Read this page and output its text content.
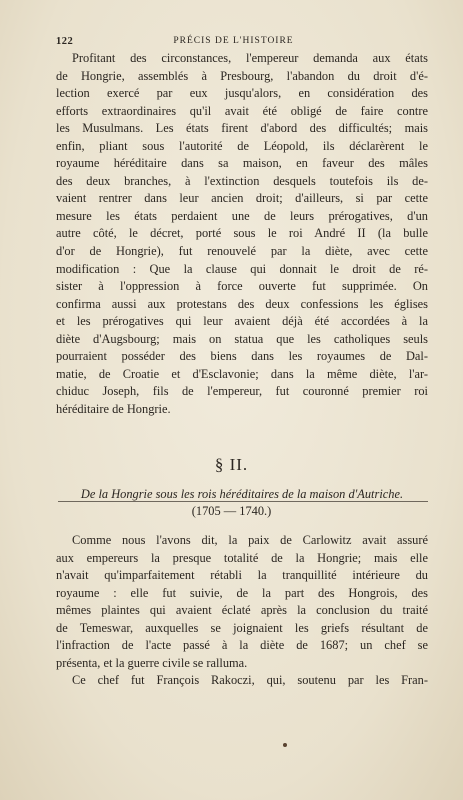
122	PRÉCIS DE L'HISTOIRE
Profitant des circonstances, l'empereur demanda aux états
de Hongrie, assemblés à Presbourg, l'abandon du droit d'é-
lection exercé par eux jusqu'alors, en considération des
efforts extraordinaires qu'il avait été obligé de faire contre
les Musulmans. Les états firent d'abord des difficultés; mais
enfin, pliant sous l'autorité de Léopold, ils déclarèrent le
royaume héréditaire dans sa maison, en faveur des mâles
des deux branches, à l'extinction desquels toutefois ils de-
vaient rentrer dans leur ancien droit; d'ailleurs, si par cette
mesure les états perdaient une de leurs prérogatives, d'un
autre côté, le décret, porté sous le roi André II (la bulle
d'or de Hongrie), fut renouvelé par la diète, avec cette
modification : Que la clause qui donnait le droit de ré-
sister à l'oppression à force ouverte fut supprimée. On
confirma aussi aux protestans des deux confessions les églises
et les prérogatives qui leur avaient déjà été accordées à la
diète d'Augsbourg; mais on statua que les catholiques seuls
pourraient posséder des biens dans les royaumes de Dal-
matie, de Croatie et d'Esclavonie; dans la même diète, l'ar-
chiduc Joseph, fils de l'empereur, fut couronné premier roi
héréditaire de Hongrie.
§ II.
De la Hongrie sous les rois héréditaires de la maison d'Autriche.
(1705 — 1740.)
Comme nous l'avons dit, la paix de Carlowitz avait assuré
aux empereurs la presque totalité de la Hongrie; mais elle
n'avait qu'imparfaitement rétabli la tranquillité intérieure du
royaume : elle fut suivie, de la part des Hongrois, des
mêmes plaintes qui avaient éclaté après la conclusion du traité
de Temeswar, auxquelles se joignaient les griefs résultant de
l'infraction de l'acte passé à la diète de 1687; un chef se
présenta, et la guerre civile se ralluma.
Ce chef fut François Rakoczi, qui, soutenu par les Fran-
